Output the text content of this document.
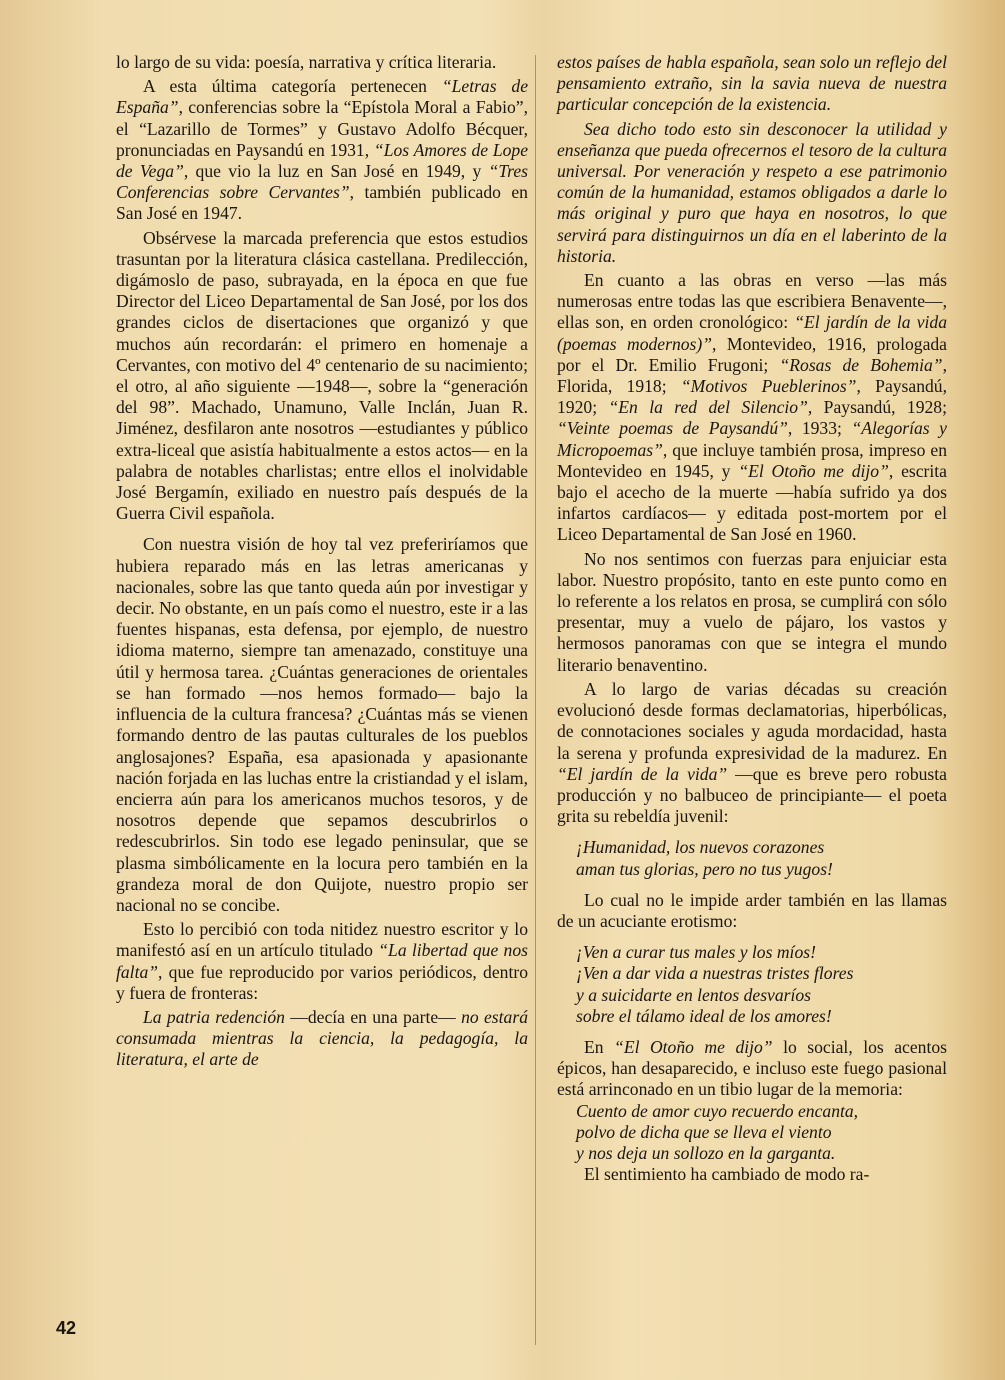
lo largo de su vida: poesía, narrativa y crítica literaria.

A esta última categoría pertenecen “Letras de España”, conferencias sobre la “Epístola Moral a Fabio”, el “Lazarillo de Tormes” y Gustavo Adolfo Bécquer, pronunciadas en Paysandú en 1931, “Los Amores de Lope de Vega”, que vio la luz en San José en 1949, y “Tres Conferencias sobre Cervantes”, también publicado en San José en 1947.

Obsérvese la marcada preferencia que estos estudios trasuntan por la literatura clásica castellana. Predilección, digámoslo de paso, subrayada, en la época en que fue Director del Liceo Departamental de San José, por los dos grandes ciclos de disertaciones que organizó y que muchos aún recordarán: el primero en homenaje a Cervantes, con motivo del 4º centenario de su nacimiento; el otro, al año siguiente —1948—, sobre la “generación del 98”. Machado, Unamuno, Valle Inclán, Juan R. Jiménez, desfilaron ante nosotros —estudiantes y público extra-liceal que asistía habitualmente a estos actos— en la palabra de notables charlistas; entre ellos el inolvidable José Bergamín, exiliado en nuestro país después de la Guerra Civil española.

Con nuestra visión de hoy tal vez preferiríamos que hubiera reparado más en las letras americanas y nacionales, sobre las que tanto queda aún por investigar y decir. No obstante, en un país como el nuestro, este ir a las fuentes hispanas, esta defensa, por ejemplo, de nuestro idioma materno, siempre tan amenazado, constituye una útil y hermosa tarea. ¿Cuántas generaciones de orientales se han formado —nos hemos formado— bajo la influencia de la cultura francesa? ¿Cuántas más se vienen formando dentro de las pautas culturales de los pueblos anglosajones? España, esa apasionada y apasionante nación forjada en las luchas entre la cristiandad y el islam, encierra aún para los americanos muchos tesoros, y de nosotros depende que sepamos descubrirlos o redescubrirlos. Sin todo ese legado peninsular, que se plasma simbólicamente en la locura pero también en la grandeza moral de don Quijote, nuestro propio ser nacional no se concibe.

Esto lo percibió con toda nitidez nuestro escritor y lo manifestó así en un artículo titulado “La libertad que nos falta”, que fue reproducido por varios periódicos, dentro y fuera de fronteras:

La patria redención —decía en una parte— no estará consumada mientras la ciencia, la pedagogía, la literatura, el arte de

estos países de habla española, sean solo un reflejo del pensamiento extraño, sin la savia nueva de nuestra particular concepción de la existencia.

Sea dicho todo esto sin desconocer la utilidad y enseñanza que pueda ofrecernos el tesoro de la cultura universal. Por veneración y respeto a ese patrimonio común de la humanidad, estamos obligados a darle lo más original y puro que haya en nosotros, lo que servirá para distinguirnos un día en el laberinto de la historia.

En cuanto a las obras en verso —las más numerosas entre todas las que escribiera Benavente—, ellas son, en orden cronológico: “El jardín de la vida (poemas modernos)”, Montevideo, 1916, prologada por el Dr. Emilio Frugoni; “Rosas de Bohemia”, Florida, 1918; “Motivos Pueblerinos”, Paysandú, 1920; “En la red del Silencio”, Paysandú, 1928; “Veinte poemas de Paysandú”, 1933; “Alegorías y Micropoemas”, que incluye también prosa, impreso en Montevideo en 1945, y “El Otoño me dijo”, escrita bajo el acecho de la muerte —había sufrido ya dos infartos cardíacos— y editada post-mortem por el Liceo Departamental de San José en 1960.

No nos sentimos con fuerzas para enjuiciar esta labor. Nuestro propósito, tanto en este punto como en lo referente a los relatos en prosa, se cumplirá con sólo presentar, muy a vuelo de pájaro, los vastos y hermosos panoramas con que se integra el mundo literario benaventino.

A lo largo de varias décadas su creación evolucionó desde formas declamatorias, hiperbólicas, de connotaciones sociales y aguda mordacidad, hasta la serena y profunda expresividad de la madurez. En “El jardín de la vida” —que es breve pero robusta producción y no balbuceo de principiante— el poeta grita su rebeldía juvenil:

¡Humanidad, los nuevos corazones
aman tus glorias, pero no tus yugos!

Lo cual no le impide arder también en las llamas de un acuciante erotismo:

¡Ven a curar tus males y los míos!
¡Ven a dar vida a nuestras tristes flores
y a suicidarte en lentos desvaríos
sobre el tálamo ideal de los amores!

En “El Otoño me dijo” lo social, los acentos épicos, han desaparecido, e incluso este fuego pasional está arrinconado en un tibio lugar de la memoria:

Cuento de amor cuyo recuerdo encanta,
polvo de dicha que se lleva el viento
y nos deja un sollozo en la garganta.

El sentimiento ha cambiado de modo ra-

42
